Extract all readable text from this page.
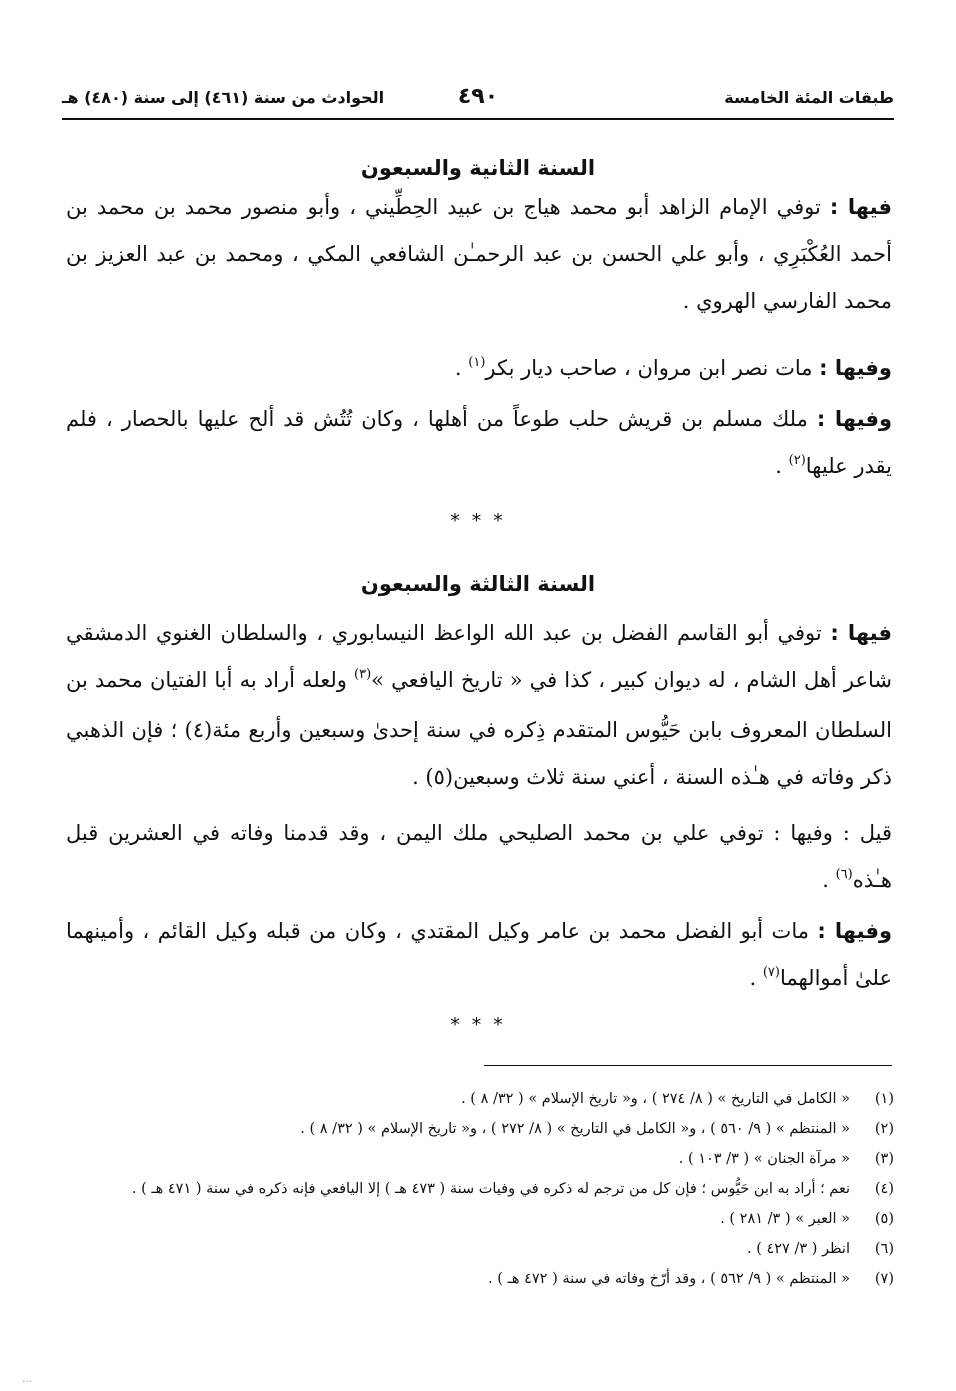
طبقات المئة الخامسة
٤٩٠
الحوادث من سنة (٤٦١) إلى سنة (٤٨٠) هـ
السنة الثانية والسبعون

فيها : توفي الإمام الزاهد أبو محمد هياج بن عبيد الحِطِّيني ، وأبو منصور محمد بن محمد بن أحمد العُكْبَرِي ، وأبو علي الحسن بن عبد الرحمـٰن الشافعي المكي ، ومحمد بن عبد العزيز بن محمد الفارسي الهروي .

وفيها : مات نصر ابن مروان ، صاحب ديار بكر$^{(١)}$ .

وفيها : ملك مسلم بن قريش حلب طوعاً من أهلها ، وكان تُتُش قد ألح عليها بالحصار ، فلم يقدر عليها$^{(٢)}$ .

* * *
السنة الثالثة والسبعون

فيها : توفي أبو القاسم الفضل بن عبد الله الواعظ النيسابوري ، والسلطان الغنوي الدمشقي شاعر أهل الشام ، له ديوان كبير ، كذا في « تاريخ اليافعي »$^{(٣)}$ ولعله أراد به أبا الفتيان محمد بن السلطان المعروف بابن حَيُّوس المتقدم ذِكره في سنة إحدىٰ وسبعين وأربع مئة(٤) ؛ فإن الذهبي ذكر وفاته في هـٰذه السنة ، أعني سنة ثلاث وسبعين(٥) .

قيل : وفيها : توفي علي بن محمد الصليحي ملك اليمن ، وقد قدمنا وفاته في العشرين قبل هـٰذه$^{(٦)}$ .

وفيها : مات أبو الفضل محمد بن عامر وكيل المقتدي ، وكان من قبله وكيل القائم ، وأمينهما علىٰ أموالهما$^{(٧)}$ .

* * *
(١)« الكامل في التاريخ » ( ٨/ ٢٧٤ ) ، و« تاريخ الإسلام » ( ٣٢/ ٨ ) .
(٢)« المنتظم » ( ٩/ ٥٦٠ ) ، و« الكامل في التاريخ » ( ٨/ ٢٧٢ ) ، و« تاريخ الإسلام » ( ٣٢/ ٨ ) .
(٣)« مرآة الجنان » ( ٣/ ١٠٣ ) .
(٤)نعم ؛ أراد به ابن حَيُّوس ؛ فإن كل من ترجم له ذكره في وفيات سنة ( ٤٧٣ هـ ) إلا اليافعي فإنه ذكره في سنة ( ٤٧١ هـ ) .
(٥)« العبر » ( ٣/ ٢٨١ ) .
(٦)انظر ( ٣/ ٤٢٧ ) .
(٧)« المنتظم » ( ٩/ ٥٦٢ ) ، وقد أرّخ وفاته في سنة ( ٤٧٢ هـ ) .
…
